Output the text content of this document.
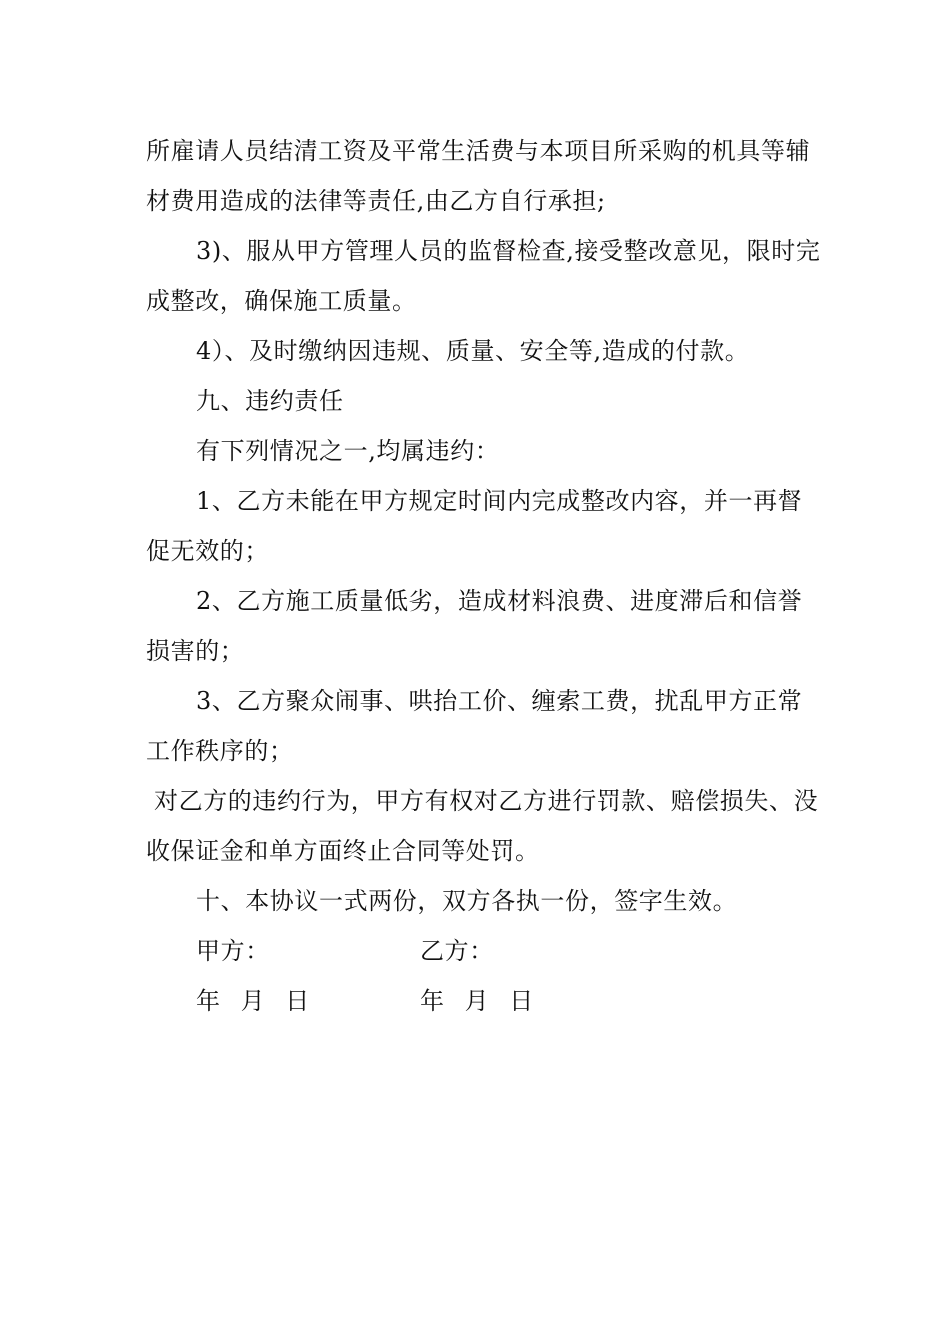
所雇请人员结清工资及平常生活费与本项目所采购的机具等辅材费用造成的法律等责任,由乙方自行承担;

3)、服从甲方管理人员的监督检查,接受整改意见，限时完成整改，确保施工质量。

4）、及时缴纳因违规、质量、安全等,造成的付款。

九、违约责任

有下列情况之一,均属违约：

1、乙方未能在甲方规定时间内完成整改内容，并一再督促无效的；

2、乙方施工质量低劣，造成材料浪费、进度滞后和信誉损害的；

3、乙方聚众闹事、哄抬工价、缠索工费，扰乱甲方正常工作秩序的；

对乙方的违约行为，甲方有权对乙方进行罚款、赔偿损失、没收保证金和单方面终止合同等处罚。

十、本协议一式两份，双方各执一份，签字生效。

甲方：	乙方：
年 月 日	年 月 日
